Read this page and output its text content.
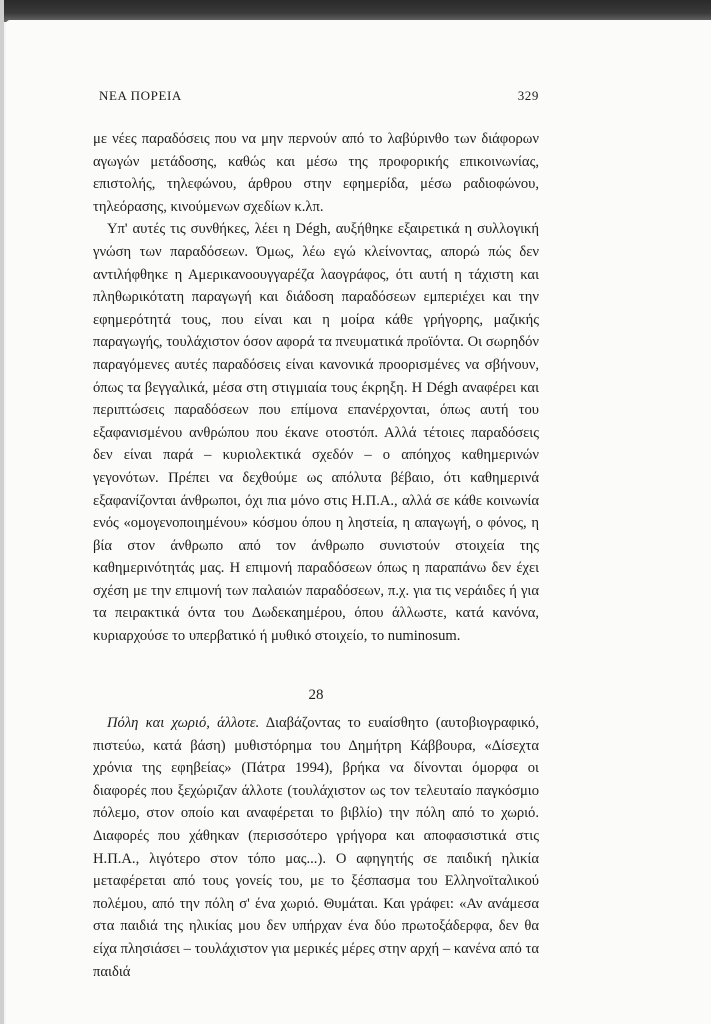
ΝΕΑ ΠΟΡΕΙΑ	329

με νέες παραδόσεις που να μην περνούν από το λαβύρινθο των διάφορων αγωγών μετάδοσης, καθώς και μέσω της προφορικής επικοινωνίας, επιστολής, τηλεφώνου, άρθρου στην εφημερίδα, μέσω ραδιοφώνου, τηλεόρασης, κινούμενων σχεδίων κ.λπ.

Υπ' αυτές τις συνθήκες, λέει η Dégh, αυξήθηκε εξαιρετικά η συλλογική γνώση των παραδόσεων. Όμως, λέω εγώ κλείνοντας, απορώ πώς δεν αντιλήφθηκε η Αμερικανοουγγαρέζα λαογράφος, ότι αυτή η τάχιστη και πληθωρικότατη παραγωγή και διάδοση παραδόσεων εμπεριέχει και την εφημερότητά τους, που είναι και η μοίρα κάθε γρήγορης, μαζικής παραγωγής, τουλάχιστον όσον αφορά τα πνευματικά προϊόντα. Οι σωρηδόν παραγόμενες αυτές παραδόσεις είναι κανονικά προορισμένες να σβήνουν, όπως τα βεγγαλικά, μέσα στη στιγμιαία τους έκρηξη. Η Dégh αναφέρει και περιπτώσεις παραδόσεων που επίμονα επανέρχονται, όπως αυτή του εξαφανισμένου ανθρώπου που έκανε οτοστόπ. Αλλά τέτοιες παραδόσεις δεν είναι παρά – κυριολεκτικά σχεδόν – ο απόηχος καθημερινών γεγονότων. Πρέπει να δεχθούμε ως απόλυτα βέβαιο, ότι καθημερινά εξαφανίζονται άνθρωποι, όχι πια μόνο στις Η.Π.Α., αλλά σε κάθε κοινωνία ενός «ομογενοποιημένου» κόσμου όπου η ληστεία, η απαγωγή, ο φόνος, η βία στον άνθρωπο από τον άνθρωπο συνιστούν στοιχεία της καθημερινότητάς μας. Η επιμονή παραδόσεων όπως η παραπάνω δεν έχει σχέση με την επιμονή των παλαιών παραδόσεων, π.χ. για τις νεράιδες ή για τα πειρακτικά όντα του Δωδεκαημέρου, όπου άλλωστε, κατά κανόνα, κυριαρχούσε το υπερβατικό ή μυθικό στοιχείο, το numinosum.

28

Πόλη και χωριό, άλλοτε. Διαβάζοντας το ευαίσθητο (αυτοβιογραφικό, πιστεύω, κατά βάση) μυθιστόρημα του Δημήτρη Κάββουρα, «Δίσεχτα χρόνια της εφηβείας» (Πάτρα 1994), βρήκα να δίνονται όμορφα οι διαφορές που ξεχώριζαν άλλοτε (τουλάχιστον ως τον τελευταίο παγκόσμιο πόλεμο, στον οποίο και αναφέρεται το βιβλίο) την πόλη από το χωριό. Διαφορές που χάθηκαν (περισσότερο γρήγορα και αποφασιστικά στις Η.Π.Α., λιγότερο στον τόπο μας...). Ο αφηγητής σε παιδική ηλικία μεταφέρεται από τους γονείς του, με το ξέσπασμα του Ελληνοϊταλικού πολέμου, από την πόλη σ' ένα χωριό. Θυμάται. Και γράφει: «Αν ανάμεσα στα παιδιά της ηλικίας μου δεν υπήρχαν ένα δύο πρωτοξάδερφα, δεν θα είχα πλησιάσει – τουλάχιστον για μερικές μέρες στην αρχή – κανένα από τα παιδιά
